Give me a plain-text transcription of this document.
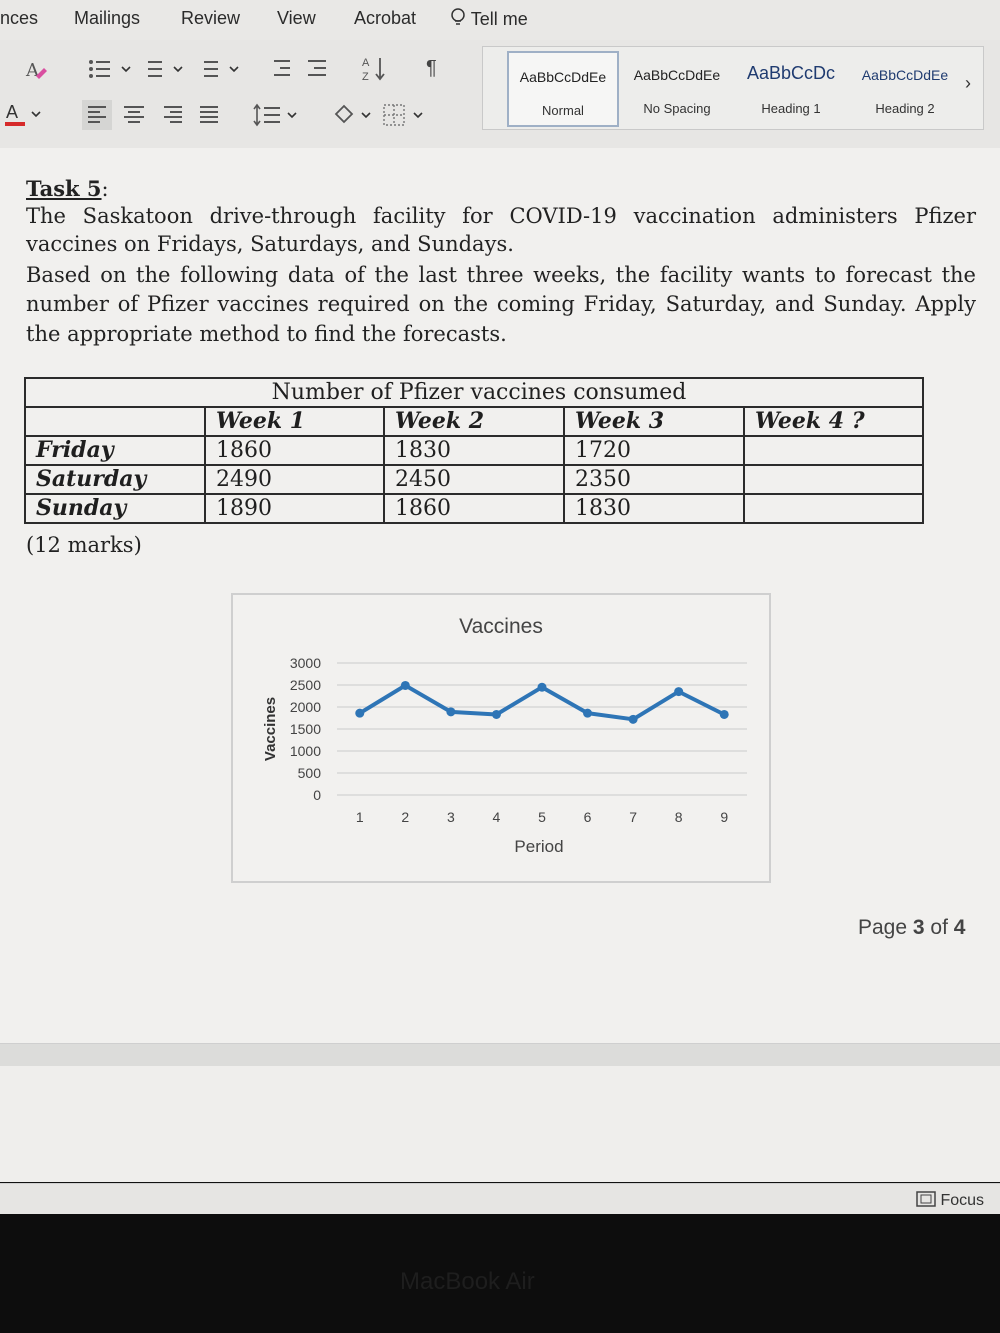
nces Mailings Review View Acrobat	Tell me
A
A
A
Z	¶	AaBbCcDdEe
Normal
AaBbCcDdEe
No Spacing
AaBbCcDc
Heading 1
AaBbCcDdEe
Heading 2
›
Task 5:
The Saskatoon drive-through facility for COVID-19 vaccination administers Pfizer
vaccines on Fridays, Saturdays, and Sundays.
Based on the following data of the last three weeks, the facility wants to forecast the
number of Pfizer vaccines required on the coming Friday, Saturday, and Sunday. Apply
the appropriate method to find the forecasts.
Number of Pfizer vaccines consumed				
	Week 1	Week 2	Week 3	Week 4 ?
Friday	1860	1830	1720	
Saturday	2490	2450	2350	
Sunday	1890	1860	1830	
(12 marks)
Vaccines
Vaccines
Period
3000
2500
2000
1500
1000
500
0
1	2	3	4	5	6	7	8	9
Page 3 of 4
Focus
MacBook Air
